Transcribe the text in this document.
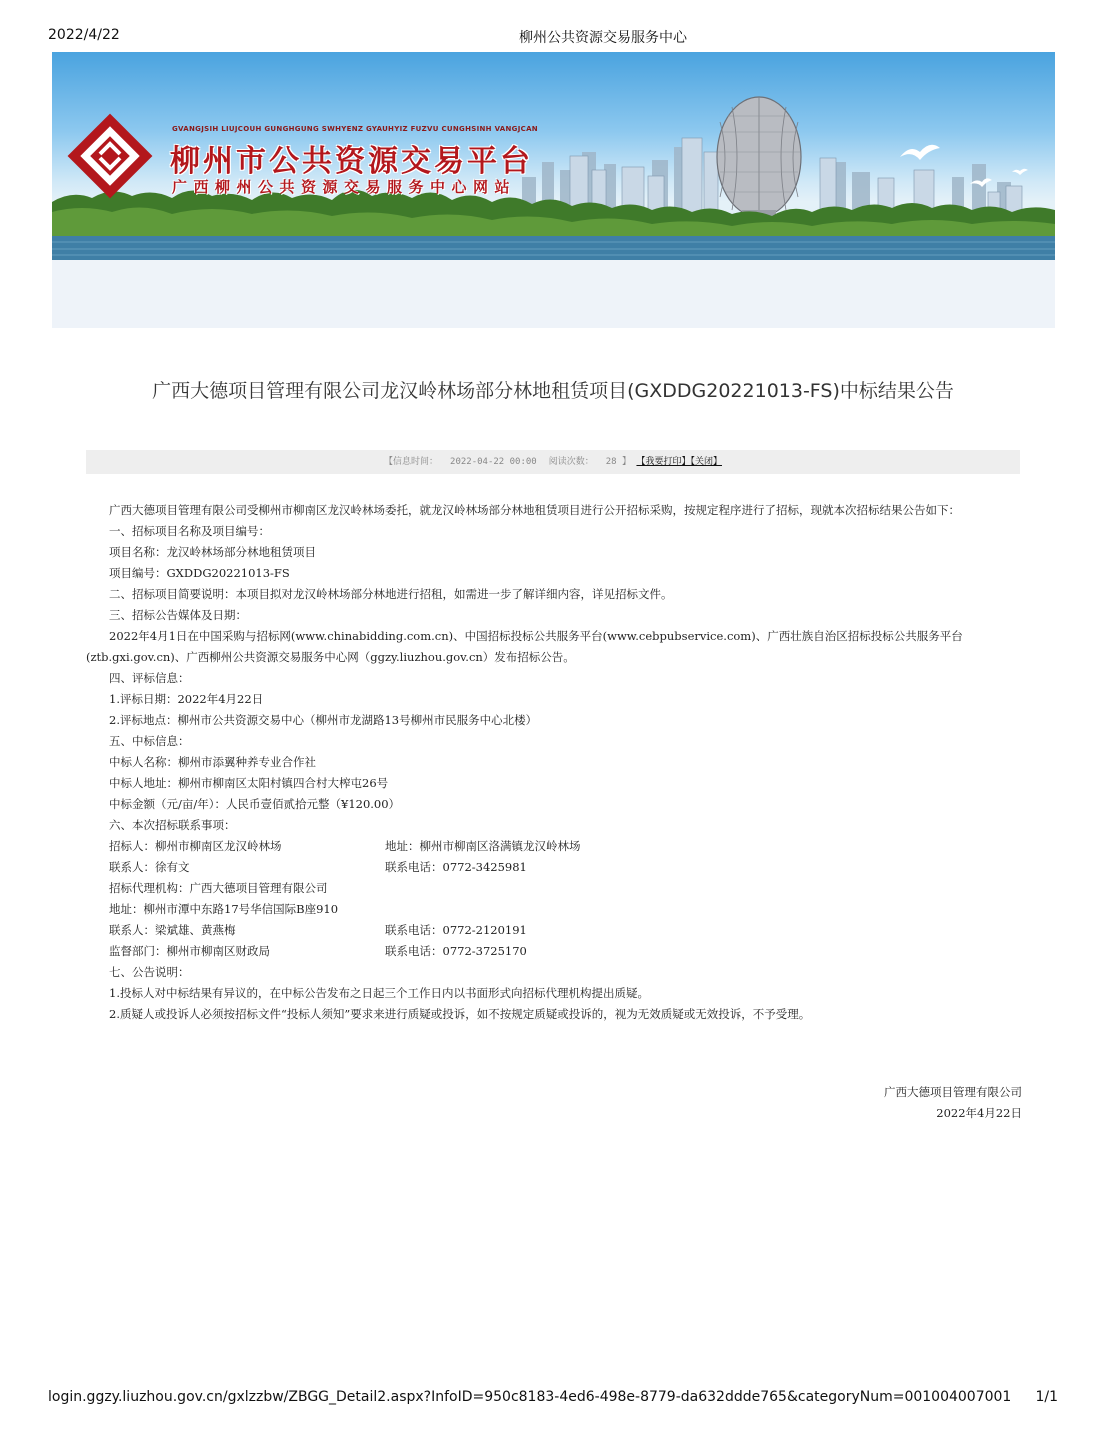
2022/4/22	柳州公共资源交易服务中心
GVANGJSIH LIUJCOUH GUNGHGUNG SWHYENZ GYAUHYIZ FUZVU CUNGHSINH VANGJCAN
柳州市公共资源交易平台
广西柳州公共资源交易服务中心网站
广西大德项目管理有限公司龙汉岭林场部分林地租赁项目(GXDDG20221013-FS)中标结果公告
【信息时间： 2022-04-22 00:00 阅读次数： 28 】 【我要打印】【关闭】

广西大德项目管理有限公司受柳州市柳南区龙汉岭林场委托，就龙汉岭林场部分林地租赁项目进行公开招标采购，按规定程序进行了招标，现就本次招标结果公告如下：

一、招标项目名称及项目编号：

项目名称：龙汉岭林场部分林地租赁项目

项目编号：GXDDG20221013-FS

二、招标项目简要说明：本项目拟对龙汉岭林场部分林地进行招租，如需进一步了解详细内容，详见招标文件。

三、招标公告媒体及日期：

2022年4月1日在中国采购与招标网(www.chinabidding.com.cn)、中国招标投标公共服务平台(www.cebpubservice.com)、广西壮族自治区招标投标公共服务平台(ztb.gxi.gov.cn)、广西柳州公共资源交易服务中心网（ggzy.liuzhou.gov.cn）发布招标公告。

四、评标信息：

1.评标日期：2022年4月22日

2.评标地点：柳州市公共资源交易中心（柳州市龙湖路13号柳州市民服务中心北楼）

五、中标信息：

中标人名称：柳州市添翼种养专业合作社

中标人地址：柳州市柳南区太阳村镇四合村大榨屯26号

中标金额（元/亩/年）：人民币壹佰贰拾元整（¥120.00）

六、本次招标联系事项：

招标人：柳州市柳南区龙汉岭林场	地址：柳州市柳南区洛满镇龙汉岭林场
联系人：徐有文	联系电话：0772-3425981
招标代理机构：广西大德项目管理有限公司
地址：柳州市潭中东路17号华信国际B座910
联系人：梁斌雄、黄燕梅	联系电话：0772-2120191
监督部门：柳州市柳南区财政局	联系电话：0772-3725170

七、公告说明：

1.投标人对中标结果有异议的，在中标公告发布之日起三个工作日内以书面形式向招标代理机构提出质疑。

2.质疑人或投诉人必须按招标文件“投标人须知”要求来进行质疑或投诉，如不按规定质疑或投诉的，视为无效质疑或无效投诉，不予受理。

广西大德项目管理有限公司
2022年4月22日
login.ggzy.liuzhou.gov.cn/gxlzzbw/ZBGG_Detail2.aspx?InfoID=950c8183-4ed6-498e-8779-da632ddde765&categoryNum=001004007001 1/1
